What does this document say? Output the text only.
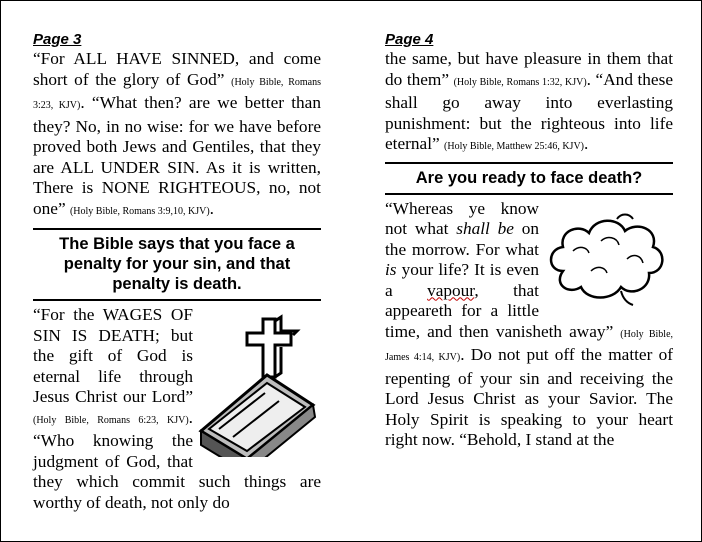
Page 3

“For ALL HAVE SINNED, and come short of the glory of God” (Holy Bible, Romans 3:23, KJV). “What then? are we better than they? No, in no wise: for we have before proved both Jews and Gentiles, that they are ALL UNDER SIN. As it is written, There is NONE RIGHTEOUS, no, not one” (Holy Bible, Romans 3:9,10, KJV).

The Bible says that you face a penalty for your sin, and that penalty is death.

“For the WAGES OF SIN IS DEATH; but the gift of God is eternal life through Jesus Christ our Lord” (Holy Bible, Romans 6:23, KJV). “Who knowing the judgment of God, that they which commit such things are worthy of death, not only do

Page 4

the same, but have pleasure in them that do them” (Holy Bible, Romans 1:32, KJV). “And these shall go away into everlasting punishment: but the righteous into life eternal” (Holy Bible, Matthew 25:46, KJV).

Are you ready to face death?

“Whereas ye know not what shall be on the morrow. For what is your life? It is even a vapour, that appeareth for a little time, and then vanisheth away” (Holy Bible, James 4:14, KJV). Do not put off the matter of repenting of your sin and receiving the Lord Jesus Christ as your Savior. The Holy Spirit is speaking to your heart right now. “Behold, I stand at the
